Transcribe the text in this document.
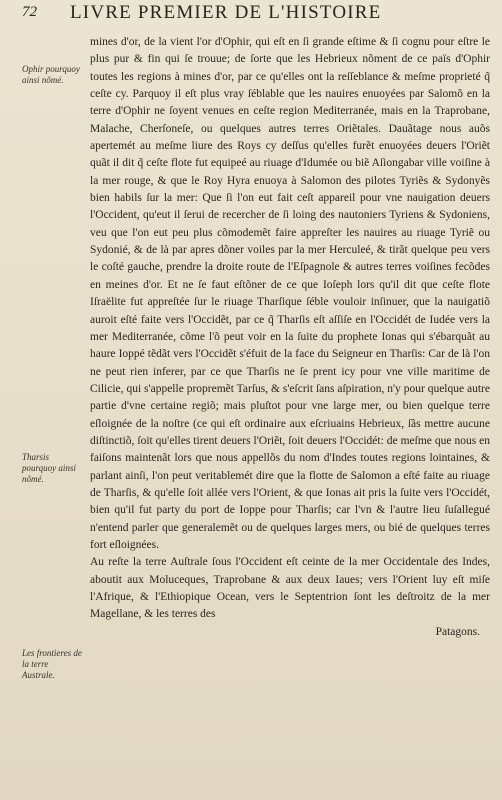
72 LIVRE PREMIER DE L'HISTOIRE
Ophir pourquoy ainsi nõmé.
Tharsis pourquoy ainsi nõmé.
Les frontieres de la terre Australe.

mines d'or, de la vient l'or d'Ophir, qui eſt en ſi grande eſtime & ſi cognu pour eſtre le plus pur & fin qui ſe trouue; de ſorte que les Hebrieux nõment de ce païs d'Ophir toutes les regions à mines d'or, par ce qu'elles ont la reſſeblance & meſme proprieté q̃ ceſte cy. Parquoy il eſt plus vray ſéblable que les nauires enuoyées par Salomõ en la terre d'Ophir ne ſoyent venues en ceſte region Mediterranée, mais en la Traprobane, Malache, Cherſoneſe, ou quelques autres terres Oriẽtales. Dauãtage nous auõs apertemét au meſme liure des Roys cy deſſus qu'elles furẽt enuoyées deuers l'Oriẽt quãt il dit q̃ ceſte flote fut equipeé au riuage d'Idumée ou biẽ Aſiongabar ville voiſine à la mer rouge, & que le Roy Hyra enuoya à Salomon des pilotes Tyriẽs & Sydonyẽs bien habils ſur la mer: Que ſi l'on eut fait ceſt appareil pour vne nauigation deuers l'Occident, qu'eut il ſerui de recercher de ſi loing des nautoniers Tyriens & Sydoniens, veu que l'on eut peu plus cõmodemẽt faire appreſter les nauires au riuage Tyriẽ ou Sydonié, & de là par apres dõner voiles par la mer Herculeé, & tirãt quelque peu vers le coſté gauche, prendre la droite route de l'Eſpagnole & autres terres voiſines fecõdes en meines d'or. Et ne ſe faut eſtõner de ce que Ioſeph lors qu'il dit que ceſte flote Iſraëlite fut appreſtée ſur le riuage Tharſique ſéble vouloir inſinuer, que la nauigatiõ auroit eſté faite vers l'Occidẽt, par ce q̃ Tharſis eſt aſſiſe en l'Occidét de Iudée vers la mer Mediterranée, cõme l'õ peut voir en la ſuite du prophete Ionas qui s'ébarquãt au haure Ioppé tẽdãt vers l'Occidẽt s'éfuit de la face du Seigneur en Tharſis: Car de là l'on ne peut rien inferer, par ce que Tharſis ne ſe prent icy pour vne ville maritime de Cilicie, qui s'appelle propremẽt Tarſus, & s'eſcrit ſans aſpiration, n'y pour quelque autre partie d'vne certaine regiõ; mais pluſtot pour vne large mer, ou bien quelque terre eſloignée de la noſtre (ce qui eſt ordinaire aux eſcriuains Hebrieux, ſãs mettre aucune diſtinctiõ, ſoit qu'elles tirent deuers l'Oriẽt, ſoit deuers l'Occidét: de meſme que nous en faiſons maintenãt lors que nous appellõs du nom d'Indes toutes regions lointaines, & parlant ainſi, l'on peut veritablemét dire que la flotte de Salomon a eſté faite au riuage de Tharſis, & qu'elle ſoit allée vers l'Orient, & que Ionas ait pris la ſuite vers l'Occidét, bien qu'il fut party du port de Ioppe pour Tharſis; car l'vn & l'autre lieu ſuſallegué n'entend parler que generalemẽt ou de quelques larges mers, ou bié de quelques terres fort eſloignées.

Au reſte la terre Auſtrale ſous l'Occident eſt ceinte de la mer Occidentale des Indes, aboutit aux Moluceques, Traprobane & aux deux Iaues; vers l'Orient luy eſt miſe l'Afrique, & l'Ethiopique Ocean, vers le Septentrion ſont les deſtroitz de la mer Magellane, & les terres des

Patagons.
